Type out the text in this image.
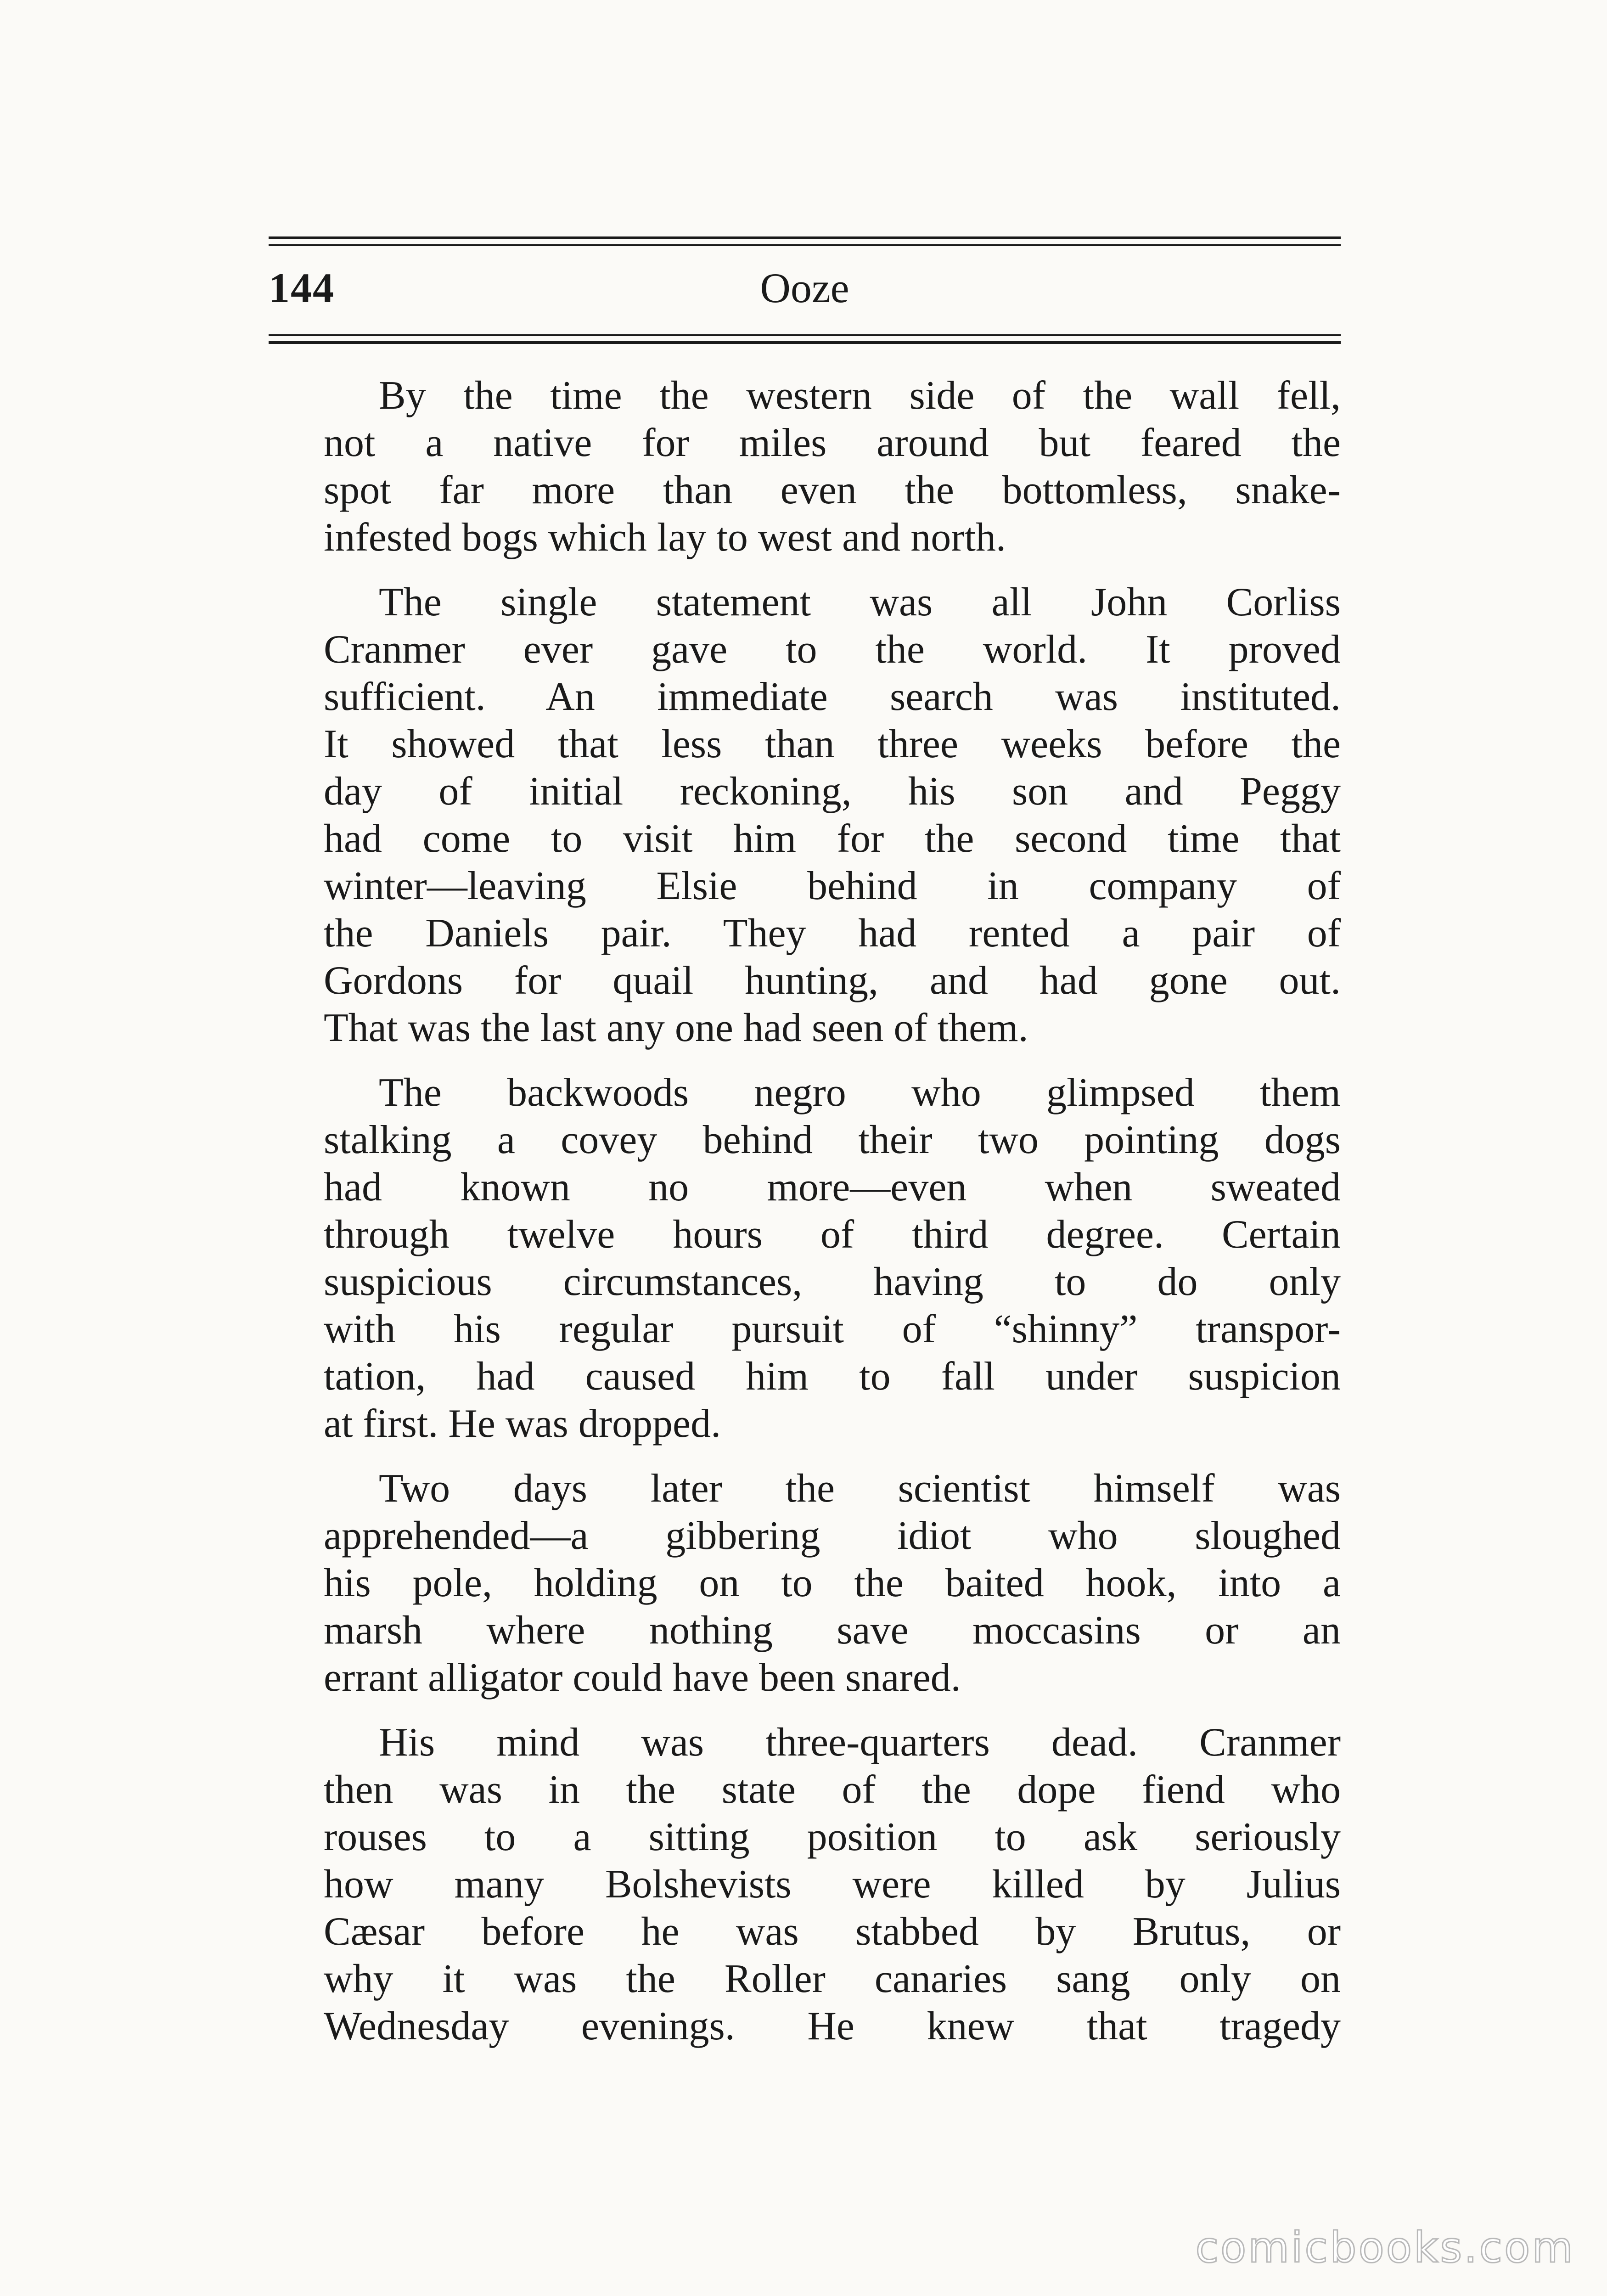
144	Ooze
By the time the western side of the wall fell,
not a native for miles around but feared the
spot far more than even the bottomless, snake-
infested bogs which lay to west and north.
The single statement was all John Corliss
Cranmer ever gave to the world. It proved
sufficient. An immediate search was instituted.
It showed that less than three weeks before the
day of initial reckoning, his son and Peggy
had come to visit him for the second time that
winter—leaving Elsie behind in company of
the Daniels pair. They had rented a pair of
Gordons for quail hunting, and had gone out.
That was the last any one had seen of them.
The backwoods negro who glimpsed them
stalking a covey behind their two pointing dogs
had known no more—even when sweated
through twelve hours of third degree. Certain
suspicious circumstances, having to do only
with his regular pursuit of “shinny” transpor-
tation, had caused him to fall under suspicion
at first. He was dropped.
Two days later the scientist himself was
apprehended—a gibbering idiot who sloughed
his pole, holding on to the baited hook, into a
marsh where nothing save moccasins or an
errant alligator could have been snared.
His mind was three-quarters dead. Cranmer
then was in the state of the dope fiend who
rouses to a sitting position to ask seriously
how many Bolshevists were killed by Julius
Cæsar before he was stabbed by Brutus, or
why it was the Roller canaries sang only on
Wednesday evenings. He knew that tragedy
comicbooks.com
